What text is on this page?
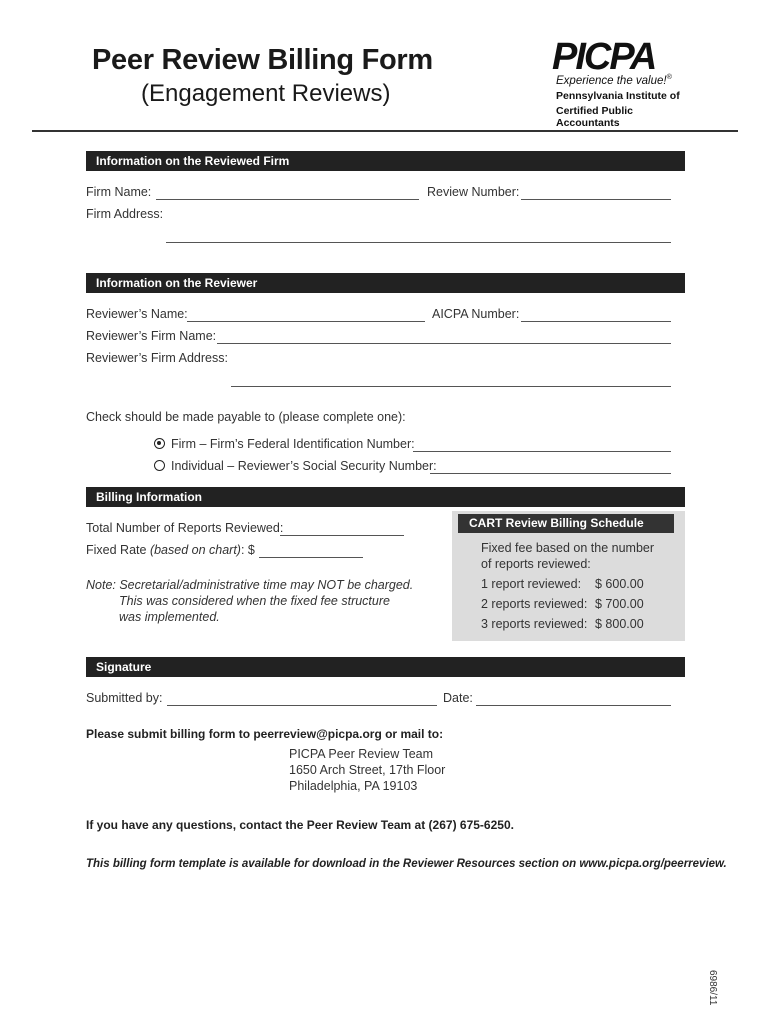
Peer Review Billing Form
(Engagement Reviews)
PICPA
Experience the value!®
Pennsylvania Institute of
Certified Public Accountants
Information on the Reviewed Firm
Firm Name:	Review Number:
Firm Address:
Information on the Reviewer
Reviewer’s Name:	AICPA Number:
Reviewer’s Firm Name:
Reviewer’s Firm Address:
Check should be made payable to (please complete one):
Firm – Firm’s Federal Identification Number:
Individual – Reviewer’s Social Security Number:
Billing Information
Total Number of Reports Reviewed:
Fixed Rate (based on chart): $
Note: Secretarial/administrative time may NOT be charged.
This was considered when the fixed fee structure
was implemented.
CART Review Billing Schedule
Fixed fee based on the number
of reports reviewed:
1 report reviewed: $ 600.00
2 reports reviewed: $ 700.00
3 reports reviewed: $ 800.00
Signature
Submitted by:	Date:
Please submit billing form to peerreview@picpa.org or mail to:
PICPA Peer Review Team
1650 Arch Street, 17th Floor
Philadelphia, PA 19103
If you have any questions, contact the Peer Review Team at (267) 675-6250.
This billing form template is available for download in the Reviewer Resources section on www.picpa.org/peerreview.
6986/11
